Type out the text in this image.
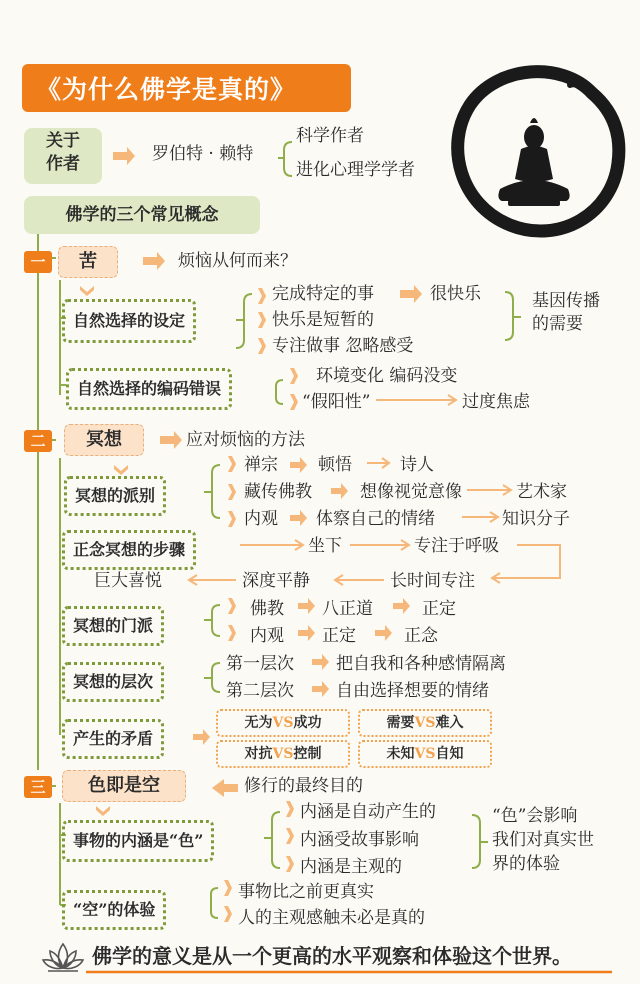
《为什么佛学是真的》
关于
作者	罗伯特 · 赖特
科学作者
进化心理学学者
佛学的三个常见概念
一	苦	烦恼从何而来？
自然选择的设定
完成特定的事	很快乐
快乐是短暂的
专注做事 忽略感受
基因传播
的需要
自然选择的编码错误
环境变化 编码没变
“假阳性”	过度焦虑
二	冥想	应对烦恼的方法
冥想的派别
禅宗 顿悟	诗人
藏传佛教	想像视觉意像	艺术家
内观 体察自己的情绪	知识分子
正念冥想的步骤	坐下	专注于呼吸
长时间专注
深度平静
巨大喜悦
冥想的门派
佛教 八正道	正定
内观 正定	正念
冥想的层次
第一层次 把自我和各种感情隔离
第二层次 自由选择想要的情绪
产生的矛盾
无为VS成功	需要VS难入
对抗VS控制	未知VS自知
三	色即是空	修行的最终目的
事物的内涵是“色”
内涵是自动产生的
内涵受故事影响
内涵是主观的
“色”会影响
我们对真实世
界的体验
“空”的体验
事物比之前更真实
人的主观感触未必是真的
佛学的意义是从一个更高的水平观察和体验这个世界。
